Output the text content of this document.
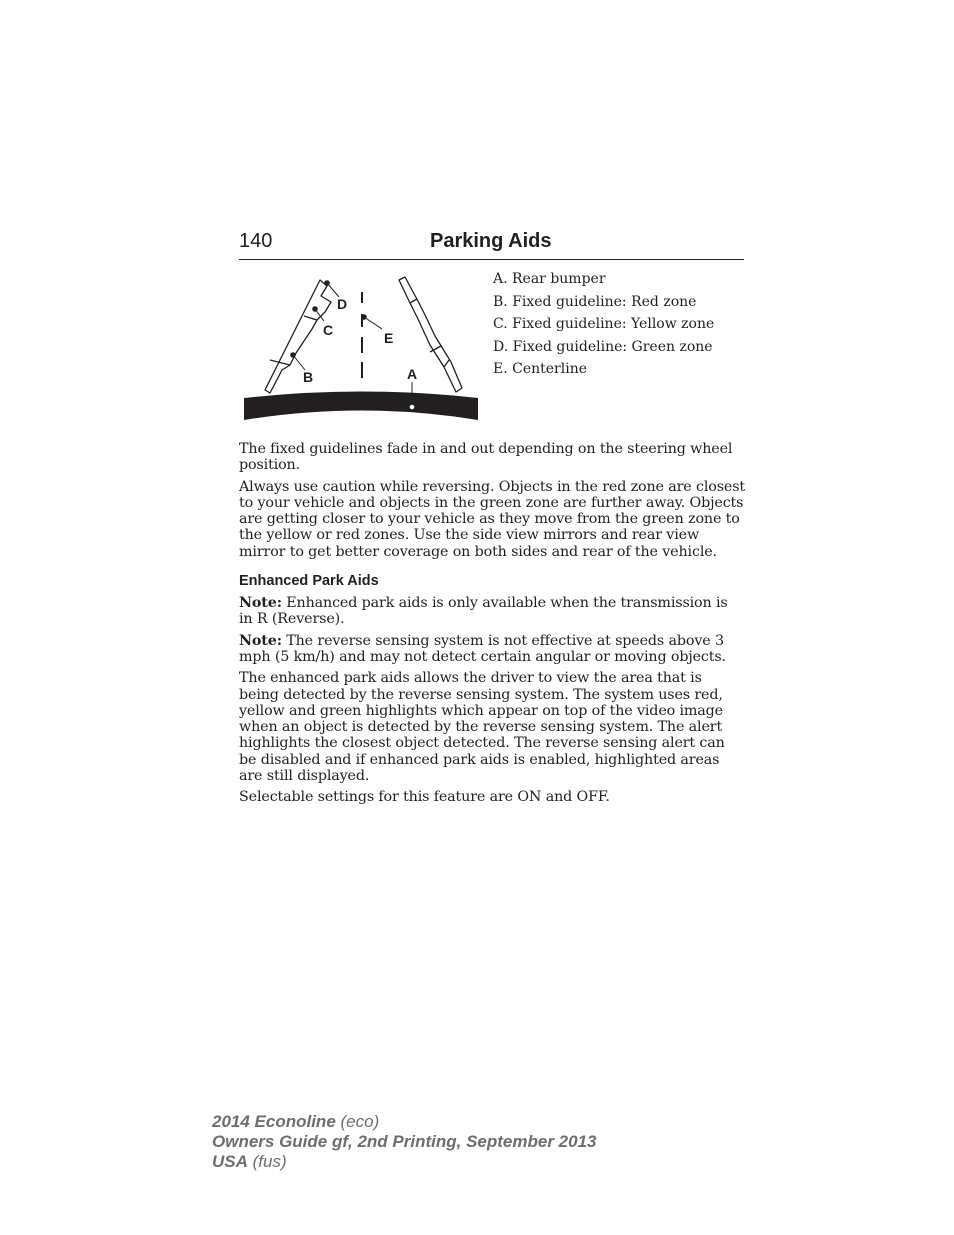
140	Parking Aids
D
C	E
B	A
A. Rear bumper
B. Fixed guideline: Red zone
C. Fixed guideline: Yellow zone
D. Fixed guideline: Green zone
E. Centerline

The fixed guidelines fade in and out depending on the steering wheel position.

Always use caution while reversing. Objects in the red zone are closest to your vehicle and objects in the green zone are further away. Objects are getting closer to your vehicle as they move from the green zone to the yellow or red zones. Use the side view mirrors and rear view mirror to get better coverage on both sides and rear of the vehicle.

Enhanced Park Aids

Note: Enhanced park aids is only available when the transmission is in R (Reverse).

Note: The reverse sensing system is not effective at speeds above 3 mph (5 km/h) and may not detect certain angular or moving objects.

The enhanced park aids allows the driver to view the area that is being detected by the reverse sensing system. The system uses red, yellow and green highlights which appear on top of the video image when an object is detected by the reverse sensing system. The alert highlights the closest object detected. The reverse sensing alert can be disabled and if enhanced park aids is enabled, highlighted areas are still displayed.

Selectable settings for this feature are ON and OFF.

2014 Econoline (eco)
Owners Guide gf, 2nd Printing, September 2013
USA (fus)
